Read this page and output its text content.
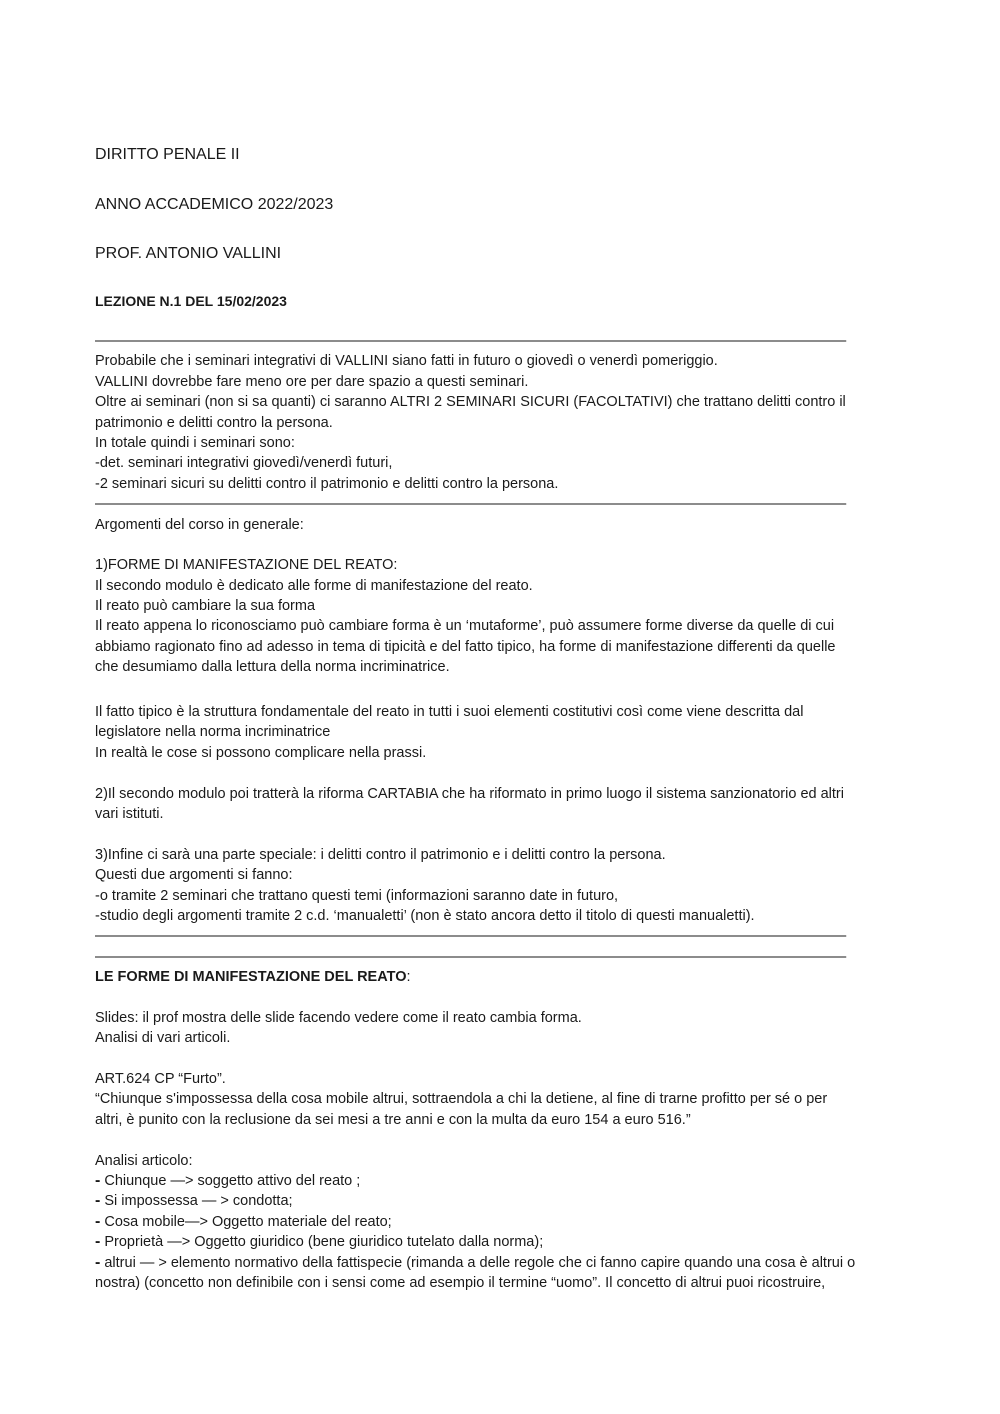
DIRITTO PENALE II
ANNO ACCADEMICO 2022/2023
PROF. ANTONIO VALLINI
LEZIONE N.1 DEL 15/02/2023
——————————————————————————————————————————————————————
Probabile che i seminari integrativi di VALLINI siano fatti in futuro o giovedì o venerdì pomeriggio.
VALLINI dovrebbe fare meno ore per dare spazio a questi seminari.
Oltre ai seminari (non si sa quanti) ci saranno ALTRI 2 SEMINARI SICURI (FACOLTATIVI) che trattano delitti contro il
patrimonio e delitti contro la persona.
In totale quindi i seminari sono:
-det. seminari integrativi giovedì/venerdì futuri,
-2 seminari sicuri su delitti contro il patrimonio e delitti contro la persona.
——————————————————————————————————————————————————————
Argomenti del corso in generale:
1)FORME DI MANIFESTAZIONE DEL REATO:
Il secondo modulo è dedicato alle forme di manifestazione del reato.
Il reato può cambiare la sua forma
Il reato appena lo riconosciamo può cambiare forma è un ‘mutaforme’, può assumere forme diverse da quelle di cui
abbiamo ragionato fino ad adesso in tema di tipicità e del fatto tipico, ha forme di manifestazione differenti da quelle
che desumiamo dalla lettura della norma incriminatrice.
Il fatto tipico è la struttura fondamentale del reato in tutti i suoi elementi costitutivi così come viene descritta dal
legislatore nella norma incriminatrice
In realtà le cose si possono complicare nella prassi.
2)Il secondo modulo poi tratterà la riforma CARTABIA che ha riformato in primo luogo il sistema sanzionatorio ed altri
vari istituti.
3)Infine ci sarà una parte speciale: i delitti contro il patrimonio e i delitti contro la persona.
Questi due argomenti si fanno:
-o tramite 2 seminari che trattano questi temi (informazioni saranno date in futuro,
-studio degli argomenti tramite 2 c.d. ‘manualetti’ (non è stato ancora detto il titolo di questi manualetti).
——————————————————————————————————————————————————————
——————————————————————————————————————————————————————
LE FORME DI MANIFESTAZIONE DEL REATO:
Slides: il prof mostra delle slide facendo vedere come il reato cambia forma.
Analisi di vari articoli.
ART.624 CP “Furto”.
“Chiunque s'impossessa della cosa mobile altrui, sottraendola a chi la detiene, al fine di trarne profitto per sé o per
altri, è punito con la reclusione da sei mesi a tre anni e con la multa da euro 154 a euro 516.”
Analisi articolo:
- Chiunque —> soggetto attivo del reato ;
- Si impossessa — > condotta;
- Cosa mobile—> Oggetto materiale del reato;
- Proprietà —> Oggetto giuridico (bene giuridico tutelato dalla norma);
- altrui — > elemento normativo della fattispecie (rimanda a delle regole che ci fanno capire quando una cosa è altrui o
nostra) (concetto non definibile con i sensi come ad esempio il termine “uomo”. Il concetto di altrui puoi ricostruire,
